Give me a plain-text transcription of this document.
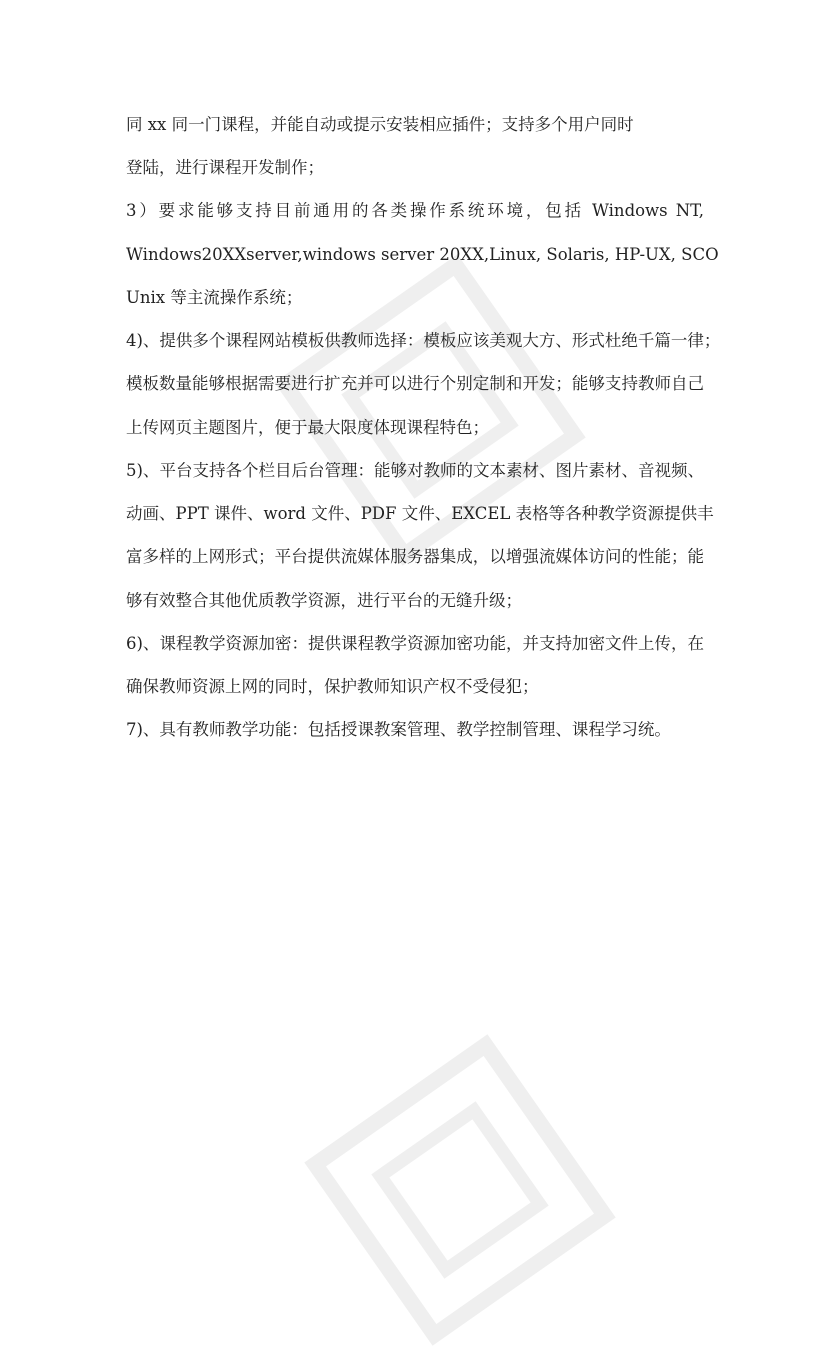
同 xx 同一门课程，并能自动或提示安装相应插件；支持多个用户同时
登陆，进行课程开发制作；
3）要求能够支持目前通用的各类操作系统环境，包括 Windows NT,
Windows20XXserver,windows server 20XX,Linux, Solaris, HP-UX, SCO
Unix 等主流操作系统；
4)、提供多个课程网站模板供教师选择：模板应该美观大方、形式杜绝千篇一律；
模板数量能够根据需要进行扩充并可以进行个别定制和开发；能够支持教师自己
上传网页主题图片，便于最大限度体现课程特色；
5)、平台支持各个栏目后台管理：能够对教师的文本素材、图片素材、音视频、
动画、PPT 课件、word 文件、PDF 文件、EXCEL 表格等各种教学资源提供丰
富多样的上网形式；平台提供流媒体服务器集成，以增强流媒体访问的性能；能
够有效整合其他优质教学资源，进行平台的无缝升级；
6)、课程教学资源加密：提供课程教学资源加密功能，并支持加密文件上传，在
确保教师资源上网的同时，保护教师知识产权不受侵犯；
7)、具有教师教学功能：包括授课教案管理、教学控制管理、课程学习统。
